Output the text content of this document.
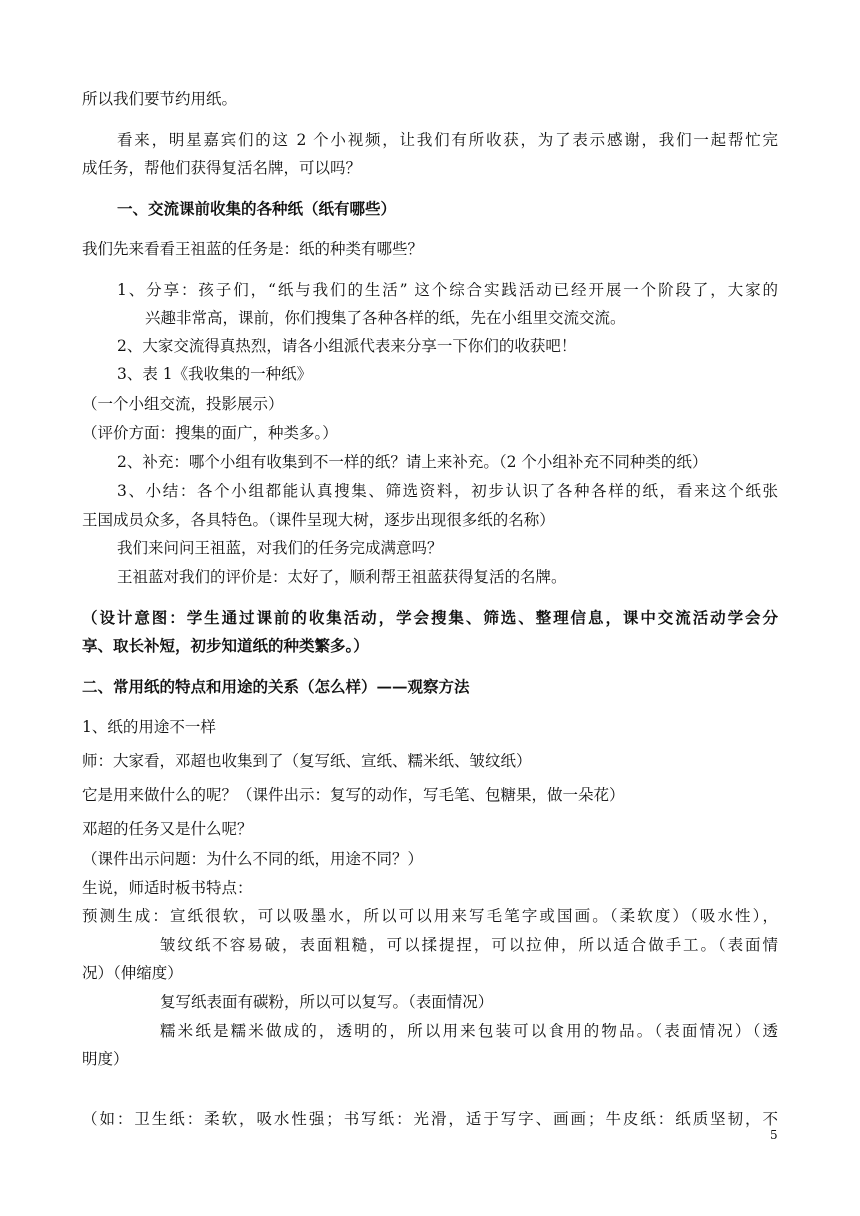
所以我们要节约用纸。
看来，明星嘉宾们的这 2 个小视频，让我们有所收获，为了表示感谢，我们一起帮忙完
成任务，帮他们获得复活名牌，可以吗？
一、交流课前收集的各种纸（纸有哪些）
我们先来看看王祖蓝的任务是：纸的种类有哪些？
1、分享：孩子们，“纸与我们的生活” 这个综合实践活动已经开展一个阶段了，大家的
兴趣非常高，课前，你们搜集了各种各样的纸，先在小组里交流交流。
2、大家交流得真热烈，请各小组派代表来分享一下你们的收获吧！
3、表 1《我收集的一种纸》
（一个小组交流，投影展示）
（评价方面：搜集的面广，种类多。）
2、补充：哪个小组有收集到不一样的纸？请上来补充。（2 个小组补充不同种类的纸）
3、小结：各个小组都能认真搜集、筛选资料，初步认识了各种各样的纸，看来这个纸张
王国成员众多，各具特色。（课件呈现大树，逐步出现很多纸的名称）
我们来问问王祖蓝，对我们的任务完成满意吗？
王祖蓝对我们的评价是：太好了，顺利帮王祖蓝获得复活的名牌。
（设计意图：学生通过课前的收集活动，学会搜集、筛选、整理信息，课中交流活动学会分
享、取长补短，初步知道纸的种类繁多。）
二、常用纸的特点和用途的关系（怎么样）——观察方法
1、纸的用途不一样
师：大家看，邓超也收集到了（复写纸、宣纸、糯米纸、皱纹纸）
它是用来做什么的呢？（课件出示：复写的动作，写毛笔、包糖果，做一朵花）
邓超的任务又是什么呢？
（课件出示问题：为什么不同的纸，用途不同？）
生说，师适时板书特点：
预测生成：宣纸很软，可以吸墨水，所以可以用来写毛笔字或国画。（柔软度）（吸水性），
皱纹纸不容易破，表面粗糙，可以揉提捏，可以拉伸，所以适合做手工。（表面情
况）（伸缩度）
复写纸表面有碳粉，所以可以复写。（表面情况）
糯米纸是糯米做成的，透明的，所以用来包装可以食用的物品。（表面情况）（透
明度）
（如：卫生纸：柔软，吸水性强；书写纸：光滑，适于写字、画画；牛皮纸：纸质坚韧，不
5
